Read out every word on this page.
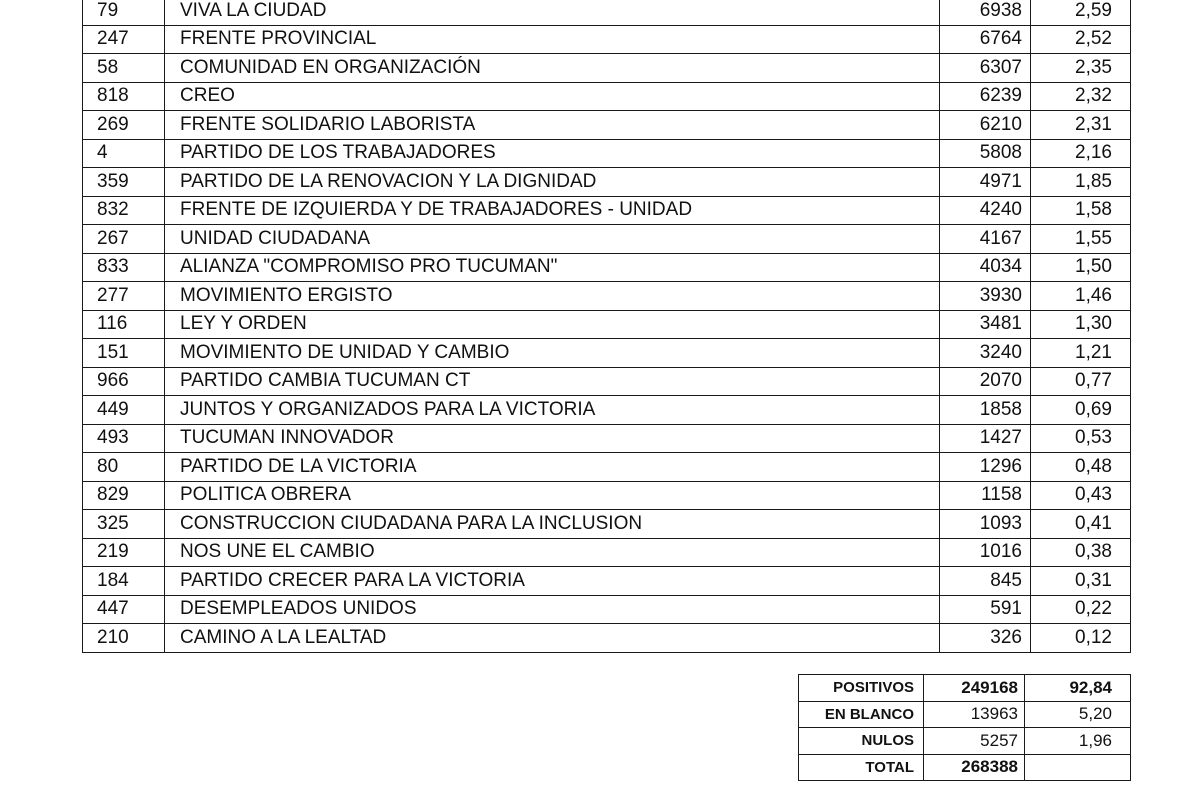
79	VIVA LA CIUDAD	6938	2,59
247	FRENTE PROVINCIAL	6764	2,52
58	COMUNIDAD EN ORGANIZACIÓN	6307	2,35
818	CREO	6239	2,32
269	FRENTE SOLIDARIO LABORISTA	6210	2,31
4	PARTIDO DE LOS TRABAJADORES	5808	2,16
359	PARTIDO DE LA RENOVACION Y LA DIGNIDAD	4971	1,85
832	FRENTE DE IZQUIERDA Y DE TRABAJADORES - UNIDAD	4240	1,58
267	UNIDAD CIUDADANA	4167	1,55
833	ALIANZA "COMPROMISO PRO TUCUMAN"	4034	1,50
277	MOVIMIENTO ERGISTO	3930	1,46
116	LEY Y ORDEN	3481	1,30
151	MOVIMIENTO DE UNIDAD Y CAMBIO	3240	1,21
966	PARTIDO CAMBIA TUCUMAN CT	2070	0,77
449	JUNTOS Y ORGANIZADOS PARA LA VICTORIA	1858	0,69
493	TUCUMAN INNOVADOR	1427	0,53
80	PARTIDO DE LA VICTORIA	1296	0,48
829	POLITICA OBRERA	1158	0,43
325	CONSTRUCCION CIUDADANA PARA LA INCLUSION	1093	0,41
219	NOS UNE EL CAMBIO	1016	0,38
184	PARTIDO CRECER PARA LA VICTORIA	845	0,31
447	DESEMPLEADOS UNIDOS	591	0,22
210	CAMINO A LA LEALTAD	326	0,12
POSITIVOS	249168	92,84
EN BLANCO	13963	5,20
NULOS	5257	1,96
TOTAL	268388	
